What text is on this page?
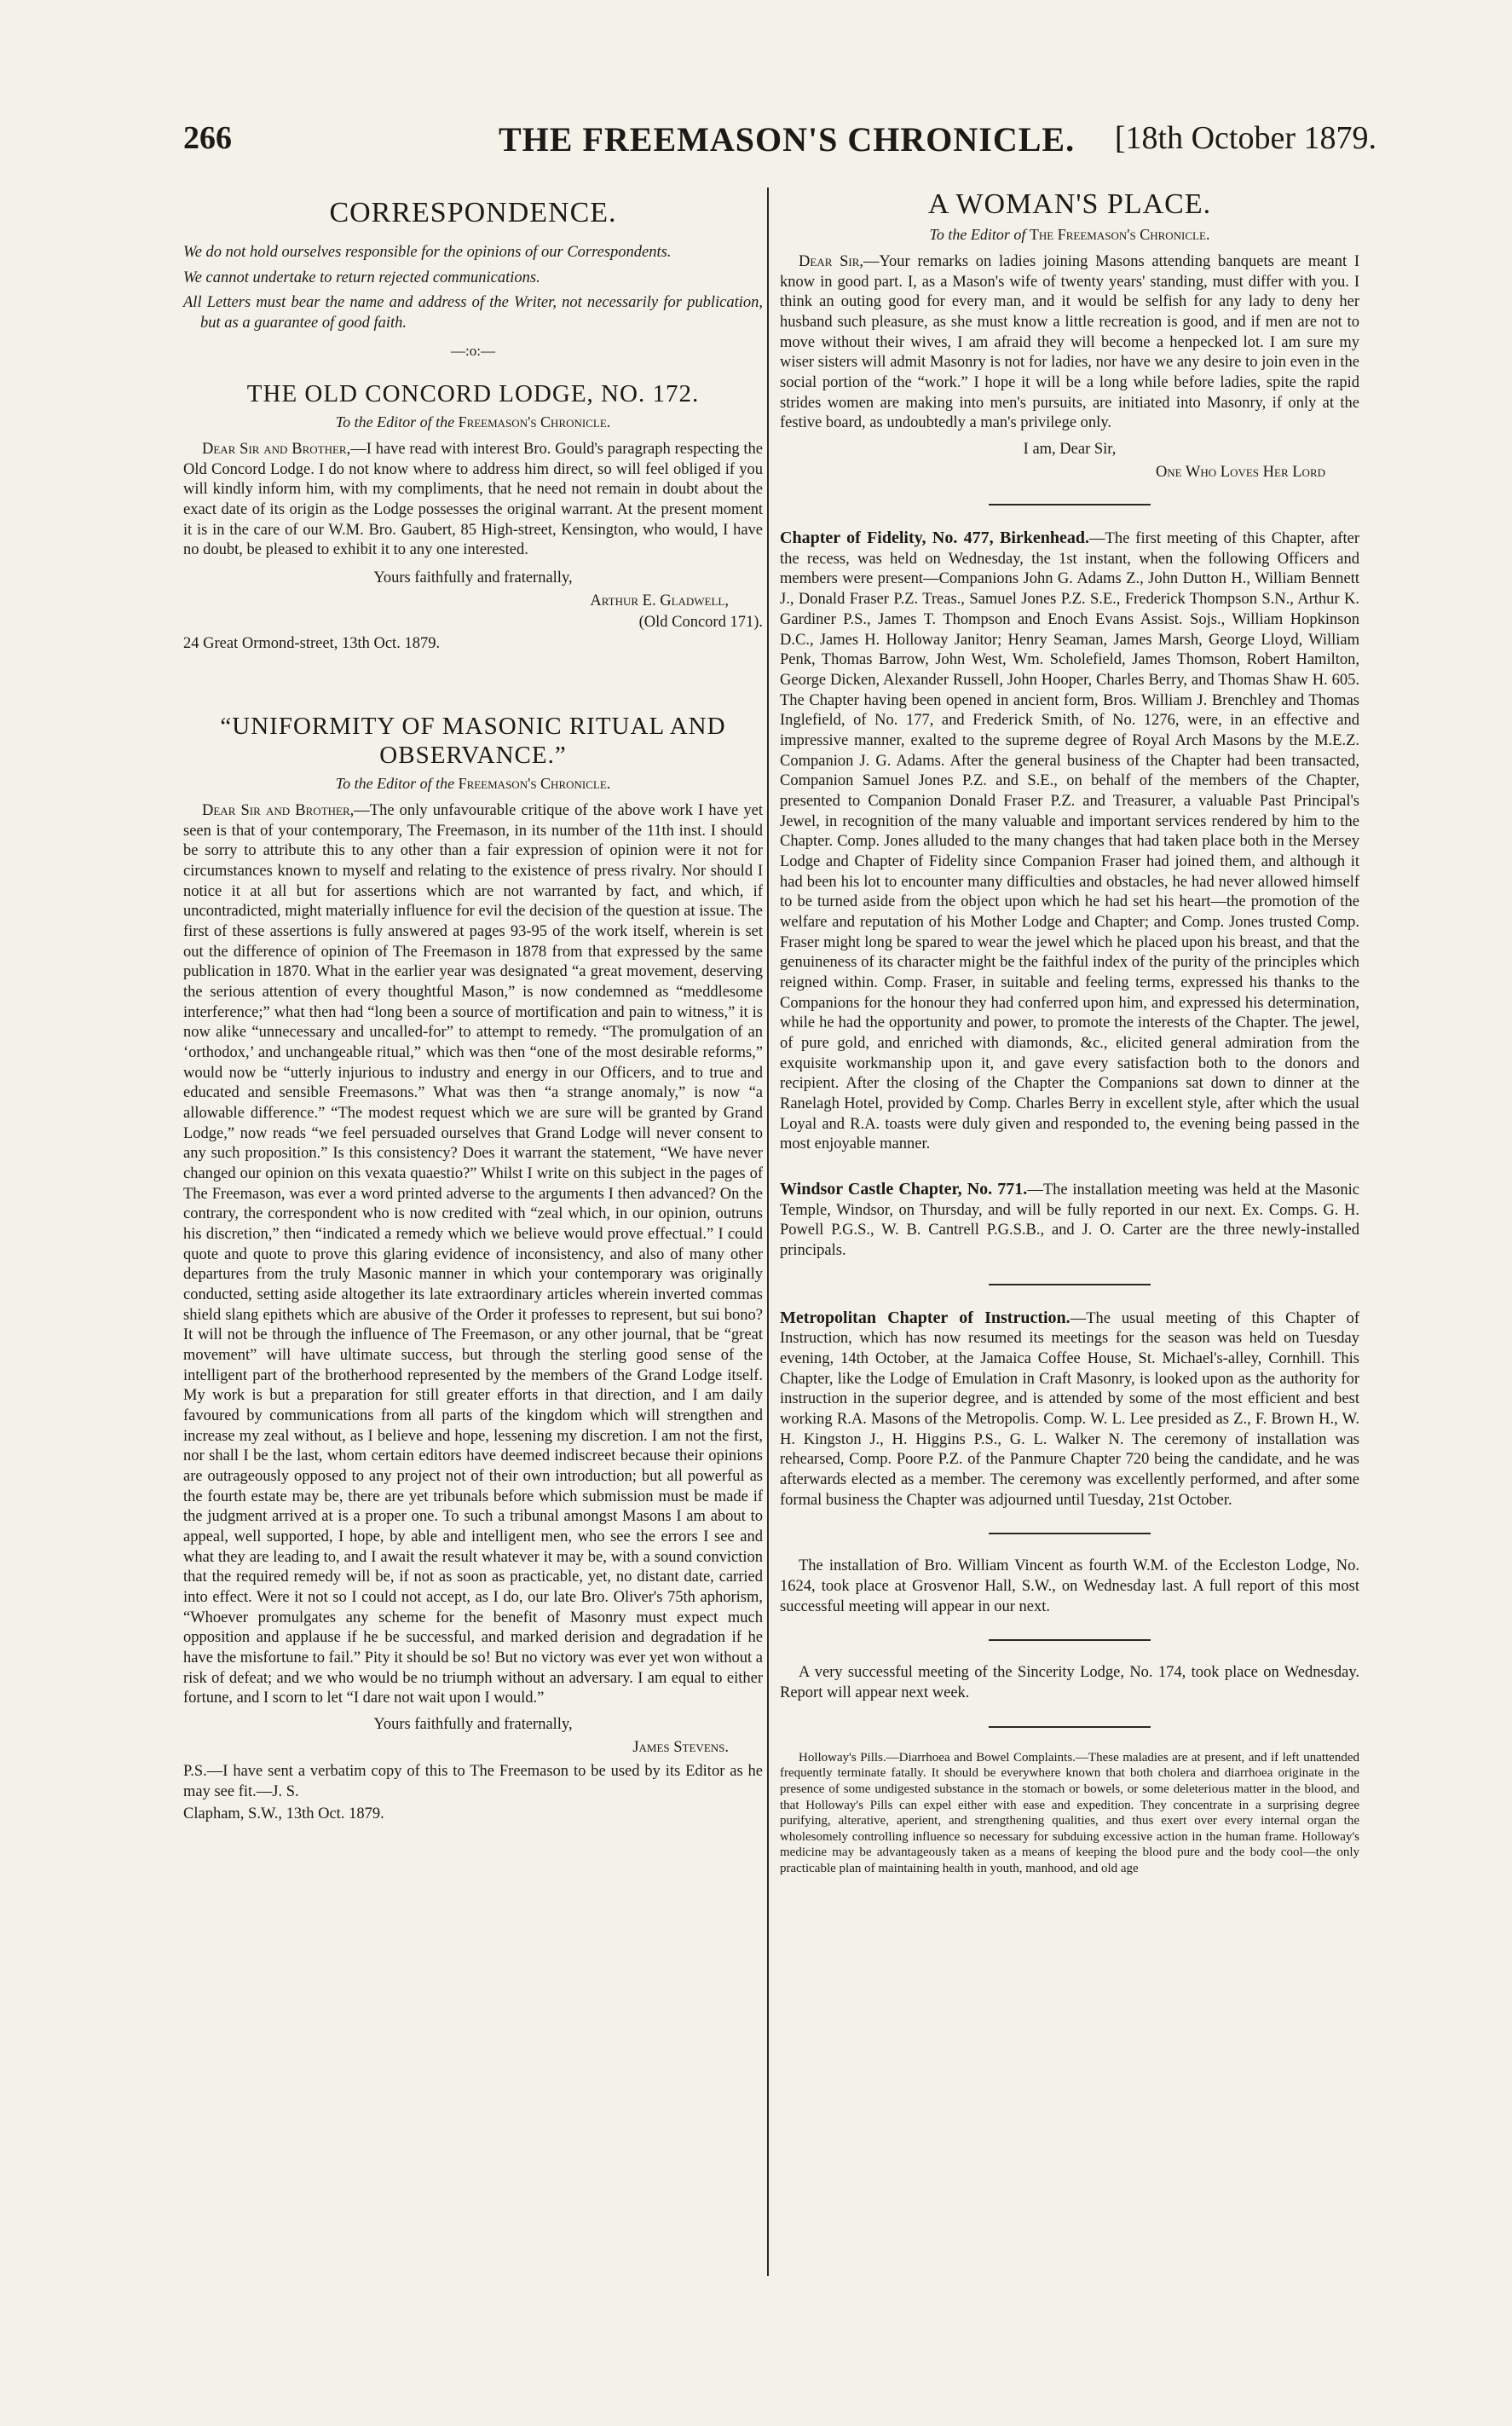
266	THE FREEMASON'S CHRONICLE. [18th October 1879.
CORRESPONDENCE.

We do not hold ourselves responsible for the opinions of our Correspondents.

We cannot undertake to return rejected communications.

All Letters must bear the name and address of the Writer, not necessarily for publication, but as a guarantee of good faith.

—:o:—
THE OLD CONCORD LODGE, NO. 172.
To the Editor of the Freemason's Chronicle.

Dear Sir and Brother,—I have read with interest Bro. Gould's paragraph respecting the Old Concord Lodge. I do not know where to address him direct, so will feel obliged if you will kindly inform him, with my compliments, that he need not remain in doubt about the exact date of its origin as the Lodge possesses the original warrant. At the present moment it is in the care of our W.M. Bro. Gaubert, 85 High-street, Kensington, who would, I have no doubt, be pleased to exhibit it to any one interested.

Yours faithfully and fraternally,
Arthur E. Gladwell,
(Old Concord 171).
24 Great Ormond-street, 13th Oct. 1879.
“UNIFORMITY OF MASONIC RITUAL AND OBSERVANCE.”
To the Editor of the Freemason's Chronicle.

Dear Sir and Brother,—The only unfavourable critique of the above work I have yet seen is that of your contemporary, The Freemason, in its number of the 11th inst. I should be sorry to attribute this to any other than a fair expression of opinion were it not for circumstances known to myself and relating to the existence of press rivalry. Nor should I notice it at all but for assertions which are not warranted by fact, and which, if uncontradicted, might materially influence for evil the decision of the question at issue. The first of these assertions is fully answered at pages 93-95 of the work itself, wherein is set out the difference of opinion of The Freemason in 1878 from that expressed by the same publication in 1870. What in the earlier year was designated “a great movement, deserving the serious attention of every thoughtful Mason,” is now condemned as “meddlesome interference;” what then had “long been a source of mortification and pain to witness,” it is now alike “unnecessary and uncalled-for” to attempt to remedy. “The promulgation of an ‘orthodox,’ and unchangeable ritual,” which was then “one of the most desirable reforms,” would now be “utterly injurious to industry and energy in our Officers, and to true and educated and sensible Freemasons.” What was then “a strange anomaly,” is now “a allowable difference.” “The modest request which we are sure will be granted by Grand Lodge,” now reads “we feel persuaded ourselves that Grand Lodge will never consent to any such proposition.” Is this consistency? Does it warrant the statement, “We have never changed our opinion on this vexata quaestio?” Whilst I write on this subject in the pages of The Freemason, was ever a word printed adverse to the arguments I then advanced? On the contrary, the correspondent who is now credited with “zeal which, in our opinion, outruns his discretion,” then “indicated a remedy which we believe would prove effectual.” I could quote and quote to prove this glaring evidence of inconsistency, and also of many other departures from the truly Masonic manner in which your contemporary was originally conducted, setting aside altogether its late extraordinary articles wherein inverted commas shield slang epithets which are abusive of the Order it professes to represent, but sui bono? It will not be through the influence of The Freemason, or any other journal, that be “great movement” will have ultimate success, but through the sterling good sense of the intelligent part of the brotherhood represented by the members of the Grand Lodge itself. My work is but a preparation for still greater efforts in that direction, and I am daily favoured by communications from all parts of the kingdom which will strengthen and increase my zeal without, as I believe and hope, lessening my discretion. I am not the first, nor shall I be the last, whom certain editors have deemed indiscreet because their opinions are outrageously opposed to any project not of their own introduction; but all powerful as the fourth estate may be, there are yet tribunals before which submission must be made if the judgment arrived at is a proper one. To such a tribunal amongst Masons I am about to appeal, well supported, I hope, by able and intelligent men, who see the errors I see and what they are leading to, and I await the result whatever it may be, with a sound conviction that the required remedy will be, if not as soon as practicable, yet, no distant date, carried into effect. Were it not so I could not accept, as I do, our late Bro. Oliver's 75th aphorism, “Whoever promulgates any scheme for the benefit of Masonry must expect much opposition and applause if he be successful, and marked derision and degradation if he have the misfortune to fail.” Pity it should be so! But no victory was ever yet won without a risk of defeat; and we who would be no triumph without an adversary. I am equal to either fortune, and I scorn to let “I dare not wait upon I would.”

Yours faithfully and fraternally,
James Stevens.

P.S.—I have sent a verbatim copy of this to The Freemason to be used by its Editor as he may see fit.—J. S.

Clapham, S.W., 13th Oct. 1879.
A WOMAN'S PLACE.
To the Editor of The Freemason's Chronicle.

Dear Sir,—Your remarks on ladies joining Masons attending banquets are meant I know in good part. I, as a Mason's wife of twenty years' standing, must differ with you. I think an outing good for every man, and it would be selfish for any lady to deny her husband such pleasure, as she must know a little recreation is good, and if men are not to move without their wives, I am afraid they will become a henpecked lot. I am sure my wiser sisters will admit Masonry is not for ladies, nor have we any desire to join even in the social portion of the “work.” I hope it will be a long while before ladies, spite the rapid strides women are making into men's pursuits, are initiated into Masonry, if only at the festive board, as undoubtedly a man's privilege only.

I am, Dear Sir,
One Who Loves Her Lord

Chapter of Fidelity, No. 477, Birkenhead.—The first meeting of this Chapter, after the recess, was held on Wednesday, the 1st instant, when the following Officers and members were present—Companions John G. Adams Z., John Dutton H., William Bennett J., Donald Fraser P.Z. Treas., Samuel Jones P.Z. S.E., Frederick Thompson S.N., Arthur K. Gardiner P.S., James T. Thompson and Enoch Evans Assist. Sojs., William Hopkinson D.C., James H. Holloway Janitor; Henry Seaman, James Marsh, George Lloyd, William Penk, Thomas Barrow, John West, Wm. Scholefield, James Thomson, Robert Hamilton, George Dicken, Alexander Russell, John Hooper, Charles Berry, and Thomas Shaw H. 605. The Chapter having been opened in ancient form, Bros. William J. Brenchley and Thomas Inglefield, of No. 177, and Frederick Smith, of No. 1276, were, in an effective and impressive manner, exalted to the supreme degree of Royal Arch Masons by the M.E.Z. Companion J. G. Adams. After the general business of the Chapter had been transacted, Companion Samuel Jones P.Z. and S.E., on behalf of the members of the Chapter, presented to Companion Donald Fraser P.Z. and Treasurer, a valuable Past Principal's Jewel, in recognition of the many valuable and important services rendered by him to the Chapter. Comp. Jones alluded to the many changes that had taken place both in the Mersey Lodge and Chapter of Fidelity since Companion Fraser had joined them, and although it had been his lot to encounter many difficulties and obstacles, he had never allowed himself to be turned aside from the object upon which he had set his heart—the promotion of the welfare and reputation of his Mother Lodge and Chapter; and Comp. Jones trusted Comp. Fraser might long be spared to wear the jewel which he placed upon his breast, and that the genuineness of its character might be the faithful index of the purity of the principles which reigned within. Comp. Fraser, in suitable and feeling terms, expressed his thanks to the Companions for the honour they had conferred upon him, and expressed his determination, while he had the opportunity and power, to promote the interests of the Chapter. The jewel, of pure gold, and enriched with diamonds, &c., elicited general admiration from the exquisite workmanship upon it, and gave every satisfaction both to the donors and recipient. After the closing of the Chapter the Companions sat down to dinner at the Ranelagh Hotel, provided by Comp. Charles Berry in excellent style, after which the usual Loyal and R.A. toasts were duly given and responded to, the evening being passed in the most enjoyable manner.

Windsor Castle Chapter, No. 771.—The installation meeting was held at the Masonic Temple, Windsor, on Thursday, and will be fully reported in our next. Ex. Comps. G. H. Powell P.G.S., W. B. Cantrell P.G.S.B., and J. O. Carter are the three newly-installed principals.

Metropolitan Chapter of Instruction.—The usual meeting of this Chapter of Instruction, which has now resumed its meetings for the season was held on Tuesday evening, 14th October, at the Jamaica Coffee House, St. Michael's-alley, Cornhill. This Chapter, like the Lodge of Emulation in Craft Masonry, is looked upon as the authority for instruction in the superior degree, and is attended by some of the most efficient and best working R.A. Masons of the Metropolis. Comp. W. L. Lee presided as Z., F. Brown H., W. H. Kingston J., H. Higgins P.S., G. L. Walker N. The ceremony of installation was rehearsed, Comp. Poore P.Z. of the Panmure Chapter 720 being the candidate, and he was afterwards elected as a member. The ceremony was excellently performed, and after some formal business the Chapter was adjourned until Tuesday, 21st October.

The installation of Bro. William Vincent as fourth W.M. of the Eccleston Lodge, No. 1624, took place at Grosvenor Hall, S.W., on Wednesday last. A full report of this most successful meeting will appear in our next.

A very successful meeting of the Sincerity Lodge, No. 174, took place on Wednesday. Report will appear next week.

Holloway's Pills.—Diarrhoea and Bowel Complaints.—These maladies are at present, and if left unattended frequently terminate fatally. It should be everywhere known that both cholera and diarrhoea originate in the presence of some undigested substance in the stomach or bowels, or some deleterious matter in the blood, and that Holloway's Pills can expel either with ease and expedition. They concentrate in a surprising degree purifying, alterative, aperient, and strengthening qualities, and thus exert over every internal organ the wholesomely controlling influence so necessary for subduing excessive action in the human frame. Holloway's medicine may be advantageously taken as a means of keeping the blood pure and the body cool—the only practicable plan of maintaining health in youth, manhood, and old age
